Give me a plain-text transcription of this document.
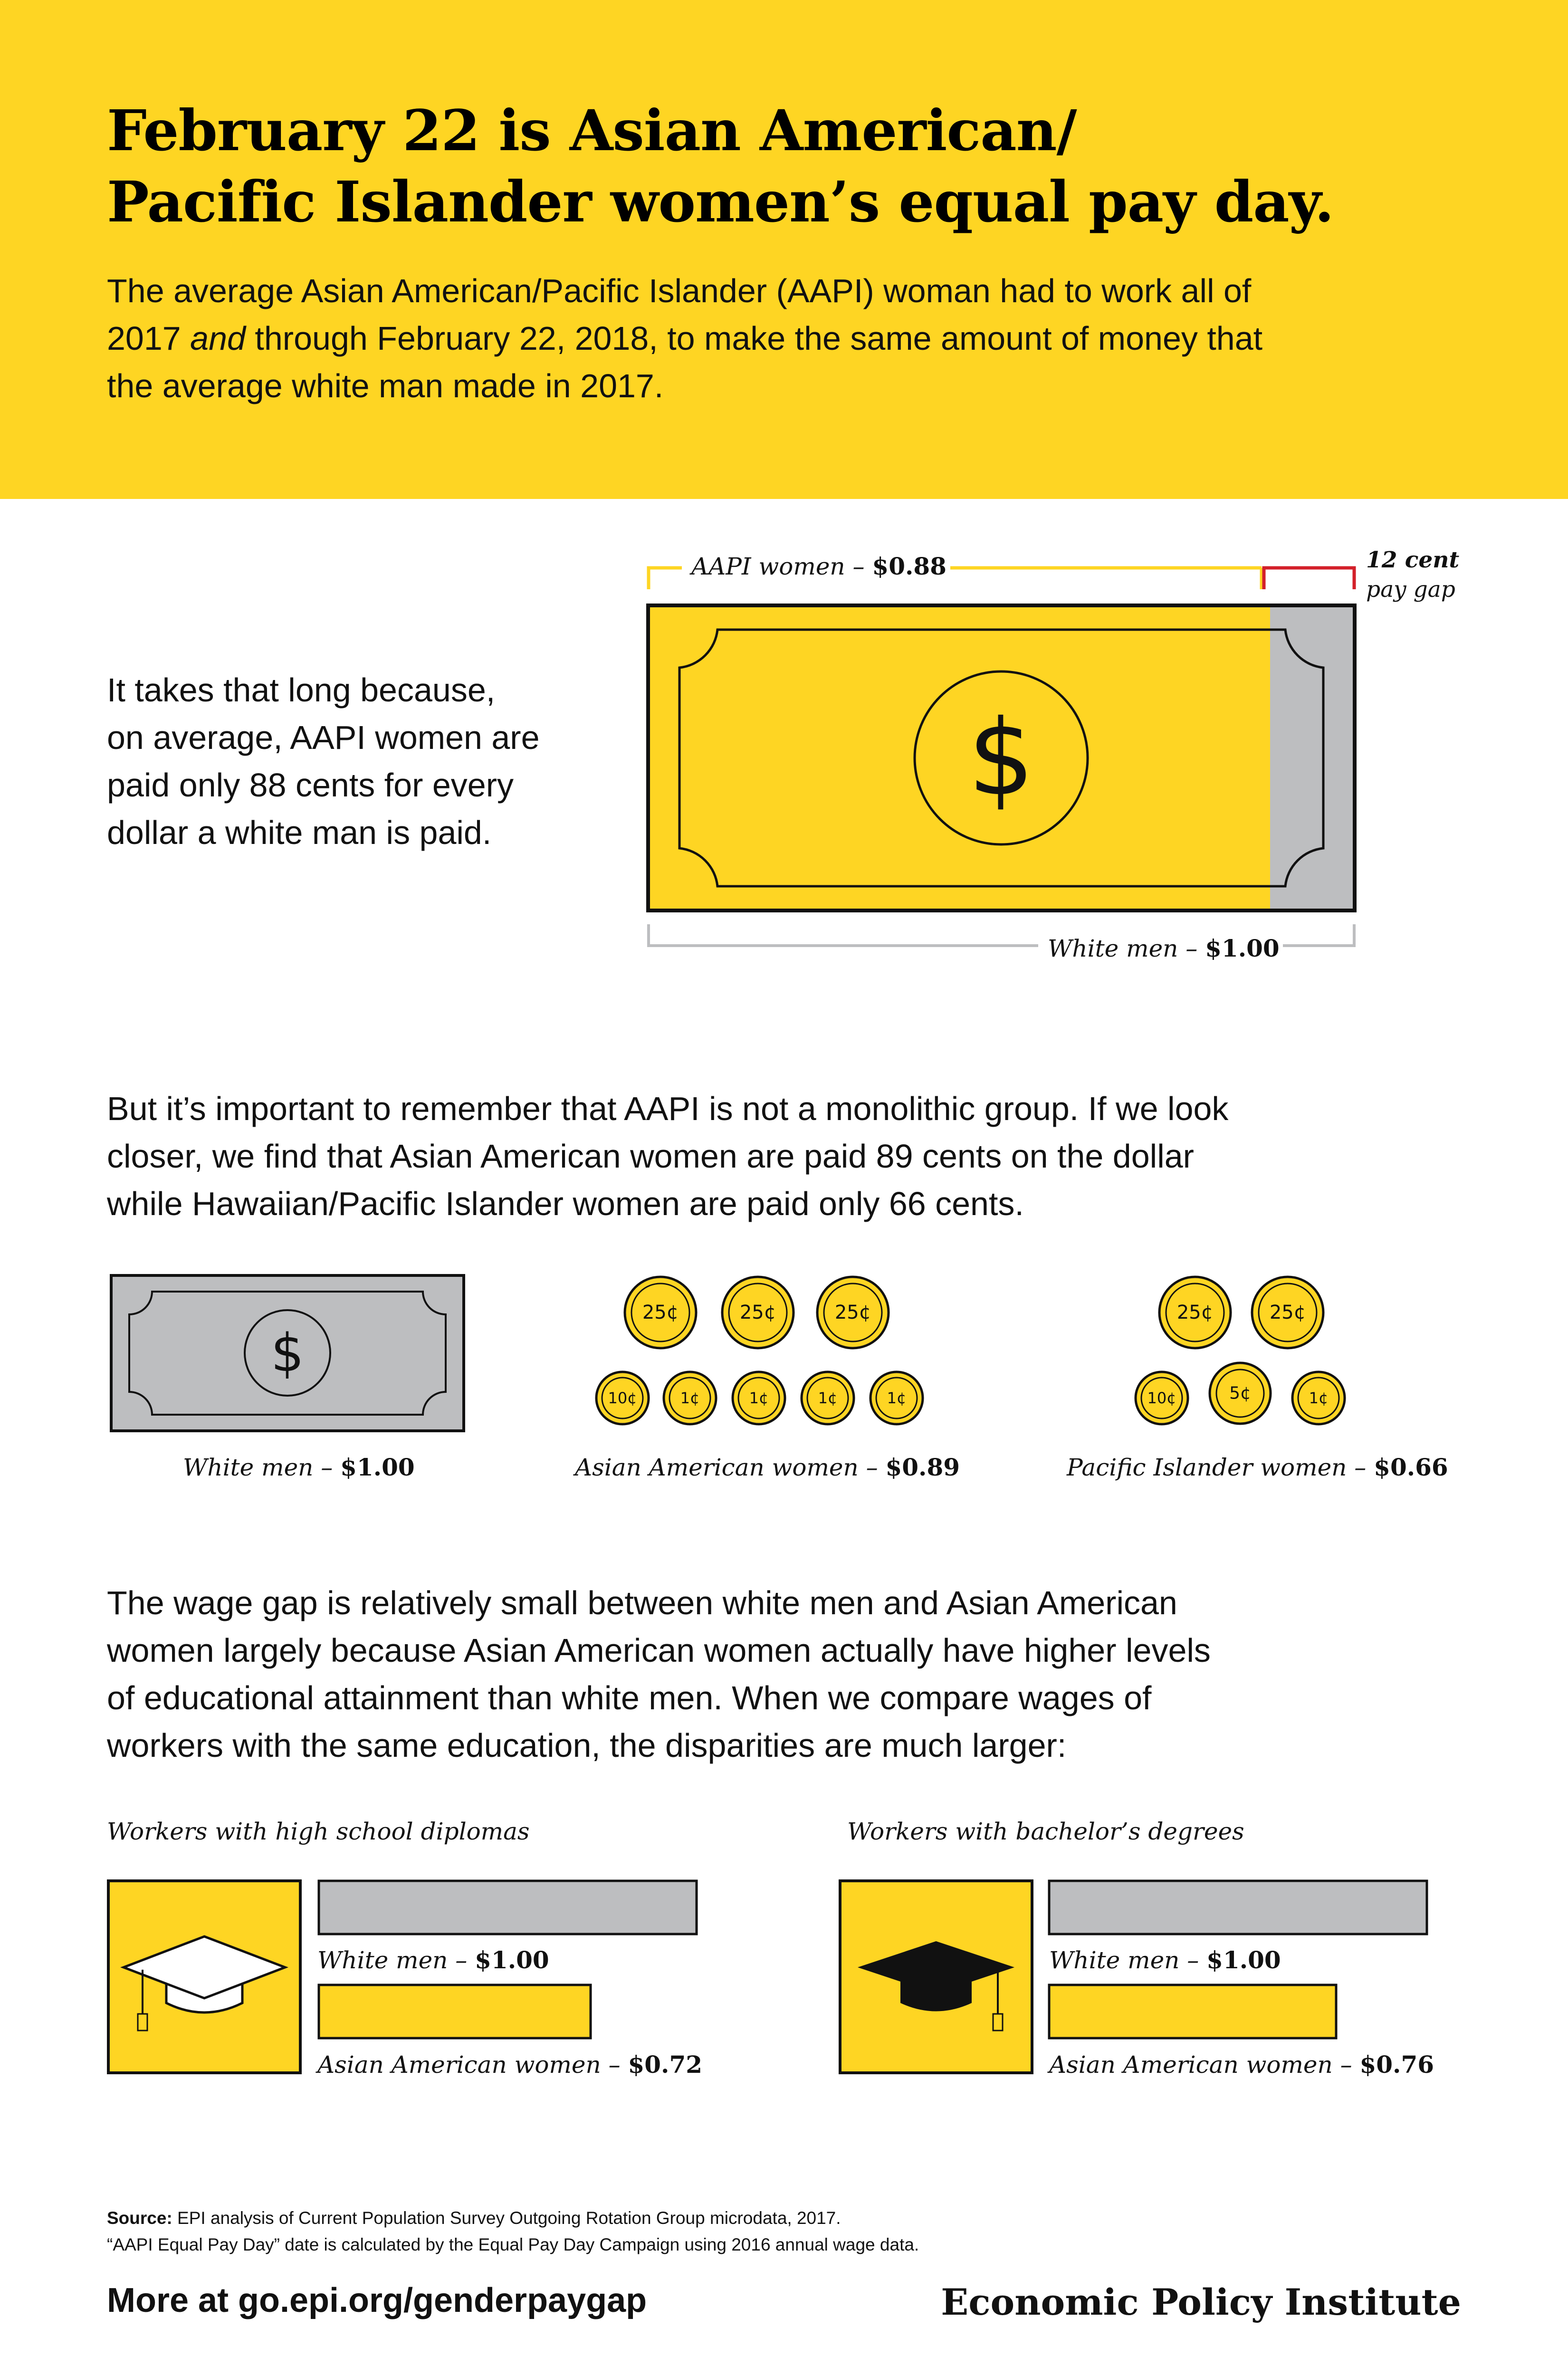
February 22 is Asian American/
Pacific Islander women’s equal pay day.

The average Asian American/Pacific Islander (AAPI) woman had to work all of
2017 and through February 22, 2018, to make the same amount of money that
the average white man made in 2017.

It takes that long because,
on average, AAPI women are
paid only 88 cents for every
dollar a white man is paid.
AAPI women – $0.88	12 cent
pay gap
$
White men – $1.00
But it’s important to remember that AAPI is not a monolithic group. If we look
closer, we find that Asian American women are paid 89 cents on the dollar
while Hawaiian/Pacific Islander women are paid only 66 cents.
$
White men – $1.00
25¢	25¢	25¢
10¢	1¢	1¢	1¢	1¢
Asian American women – $0.89
25¢	25¢
10¢	5¢	1¢
Pacific Islander women – $0.66
The wage gap is relatively small between white men and Asian American
women largely because Asian American women actually have higher levels
of educational attainment than white men. When we compare wages of
workers with the same education, the disparities are much larger:
Workers with high school diplomas
White men – $1.00
Asian American women – $0.72
Workers with bachelor’s degrees
White men – $1.00
Asian American women – $0.76
Source: EPI analysis of Current Population Survey Outgoing Rotation Group microdata, 2017.
“AAPI Equal Pay Day” date is calculated by the Equal Pay Day Campaign using 2016 annual wage data.
More at go.epi.org/genderpaygap	Economic Policy Institute
